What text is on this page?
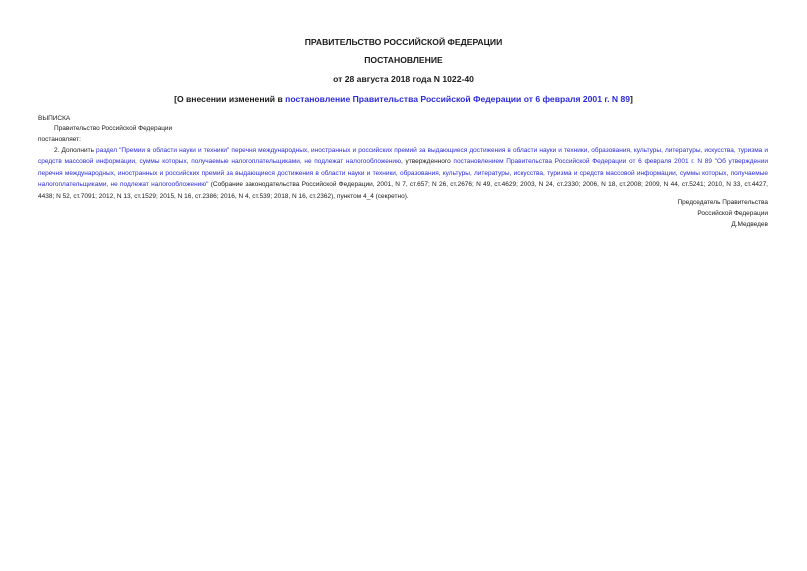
ПРАВИТЕЛЬСТВО РОССИЙСКОЙ ФЕДЕРАЦИИ
ПОСТАНОВЛЕНИЕ
от 28 августа 2018 года N 1022-40
[О внесении изменений в постановление Правительства Российской Федерации от 6 февраля 2001 г. N 89]
ВЫПИСКА
Правительство Российской Федерации
постановляет:
2. Дополнить раздел "Премии в области науки и техники" перечня международных, иностранных и российских премий за выдающиеся достижения в области науки и техники, образования, культуры, литературы, искусства, туризма и средств массовой информации, суммы которых, получаемые налогоплательщиками, не подлежат налогообложению, утвержденного постановлением Правительства Российской Федерации от 6 февраля 2001 г. N 89 "Об утверждении перечня международных, иностранных и российских премий за выдающиеся достижения в области науки и техники, образования, культуры, литературы, искусства, туризма и средств массовой информации, суммы которых, получаемые налогоплательщиками, не подлежат налогообложению" (Собрание законодательства Российской Федерации, 2001, N 7, ст.657; N 26, ст.2676; N 49, ст.4629; 2003, N 24, ст.2330; 2006, N 18, ст.2008; 2009, N 44, ст.5241; 2010, N 33, ст.4427, 4438; N 52, ст.7091; 2012, N 13, ст.1529; 2015, N 16, ст.2386; 2016, N 4, ст.539; 2018, N 16, ст.2362), пунктом 4_4 (секретно).
Председатель Правительства
Российской Федерации
Д.Медведев
